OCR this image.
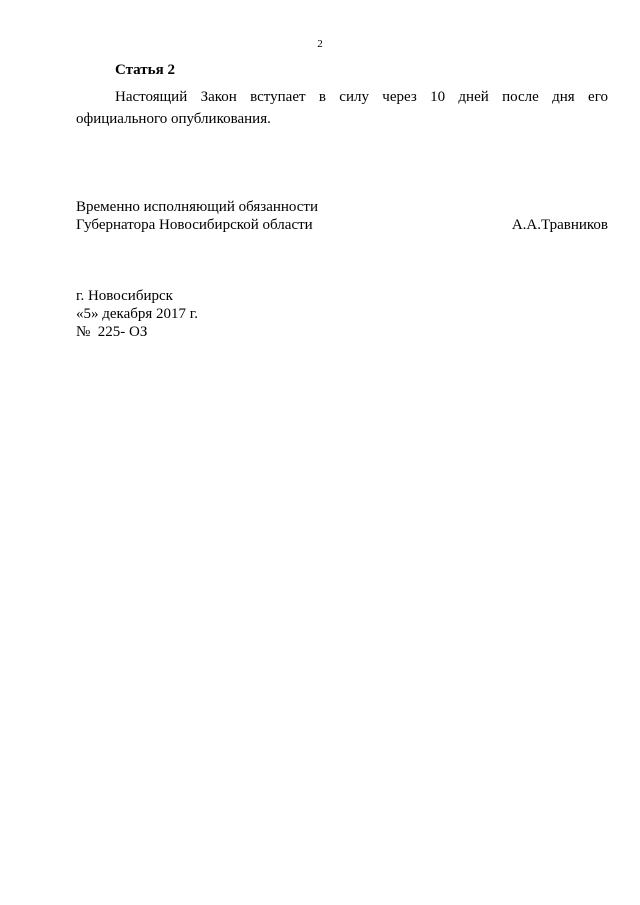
2
Статья 2
Настоящий Закон вступает в силу через 10 дней после дня его
официального опубликования.
Временно исполняющий обязанности
Губернатора Новосибирской области	А.А.Травников
г. Новосибирск
«5» декабря 2017 г.
№  225- ОЗ
